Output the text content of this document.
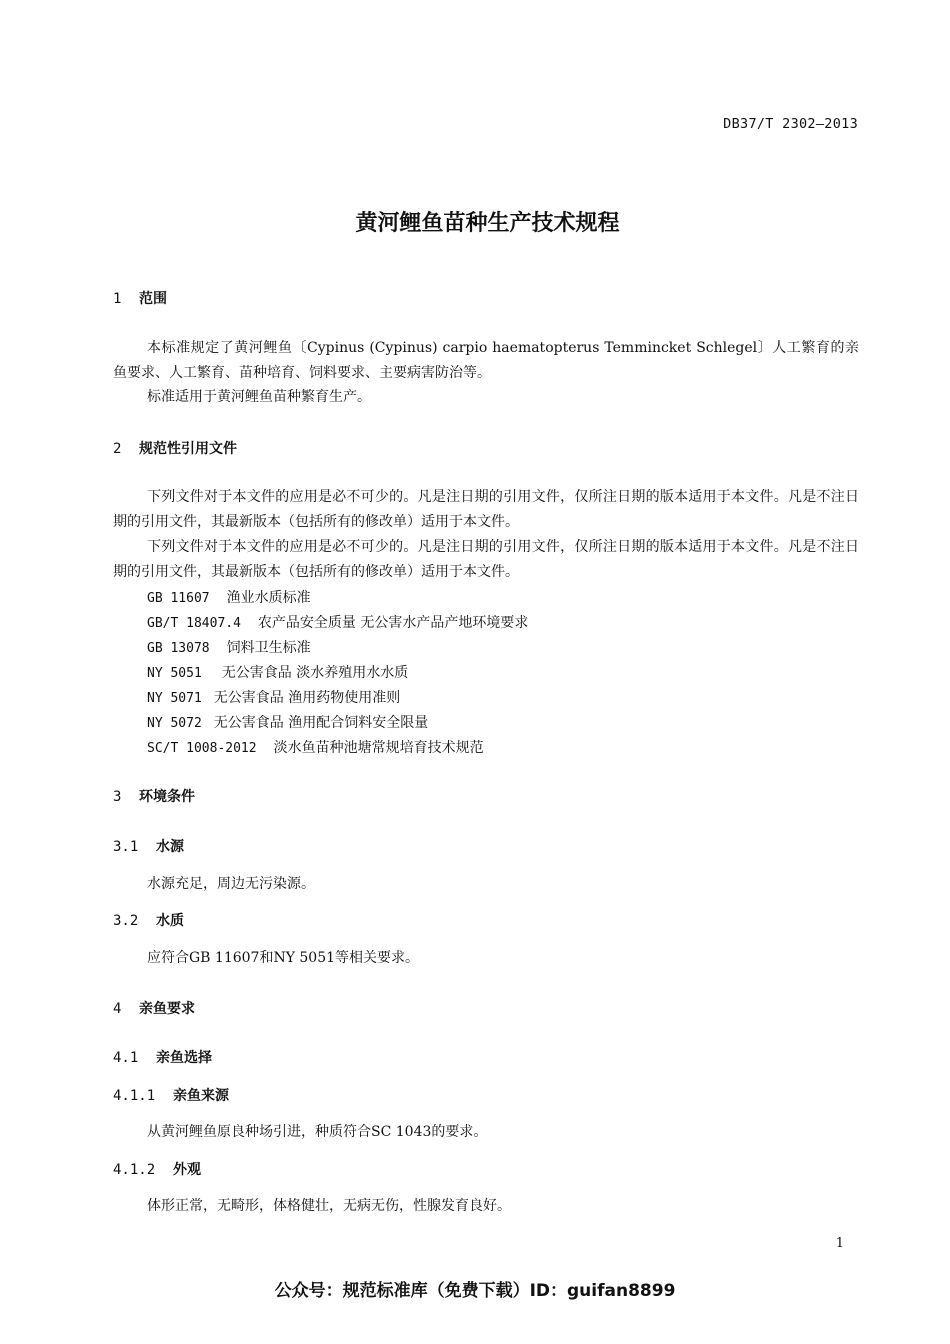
DB37/T 2302—2013
黄河鲤鱼苗种生产技术规程
1 范围
本标准规定了黄河鲤鱼〔Cypinus (Cypinus) carpio haematopterus Temmincket Schlegel〕人工繁育的亲鱼要求、人工繁育、苗种培育、饲料要求、主要病害防治等。
标准适用于黄河鲤鱼苗种繁育生产。
2 规范性引用文件
下列文件对于本文件的应用是必不可少的。凡是注日期的引用文件，仅所注日期的版本适用于本文件。凡是不注日期的引用文件，其最新版本（包括所有的修改单）适用于本文件。
下列文件对于本文件的应用是必不可少的。凡是注日期的引用文件，仅所注日期的版本适用于本文件。凡是不注日期的引用文件，其最新版本（包括所有的修改单）适用于本文件。
GB 11607 渔业水质标准
GB/T 18407.4 农产品安全质量 无公害水产品产地环境要求
GB 13078 饲料卫生标准
NY 5051 无公害食品 淡水养殖用水水质
NY 5071 无公害食品 渔用药物使用准则
NY 5072 无公害食品 渔用配合饲料安全限量
SC/T 1008-2012 淡水鱼苗种池塘常规培育技术规范
3 环境条件
3.1 水源
水源充足，周边无污染源。
3.2 水质
应符合GB 11607和NY 5051等相关要求。
4 亲鱼要求
4.1 亲鱼选择
4.1.1 亲鱼来源
从黄河鲤鱼原良种场引进，种质符合SC 1043的要求。
4.1.2 外观
体形正常，无畸形，体格健壮，无病无伤，性腺发育良好。
1
公众号：规范标准库（免费下载）ID：guifan8899
